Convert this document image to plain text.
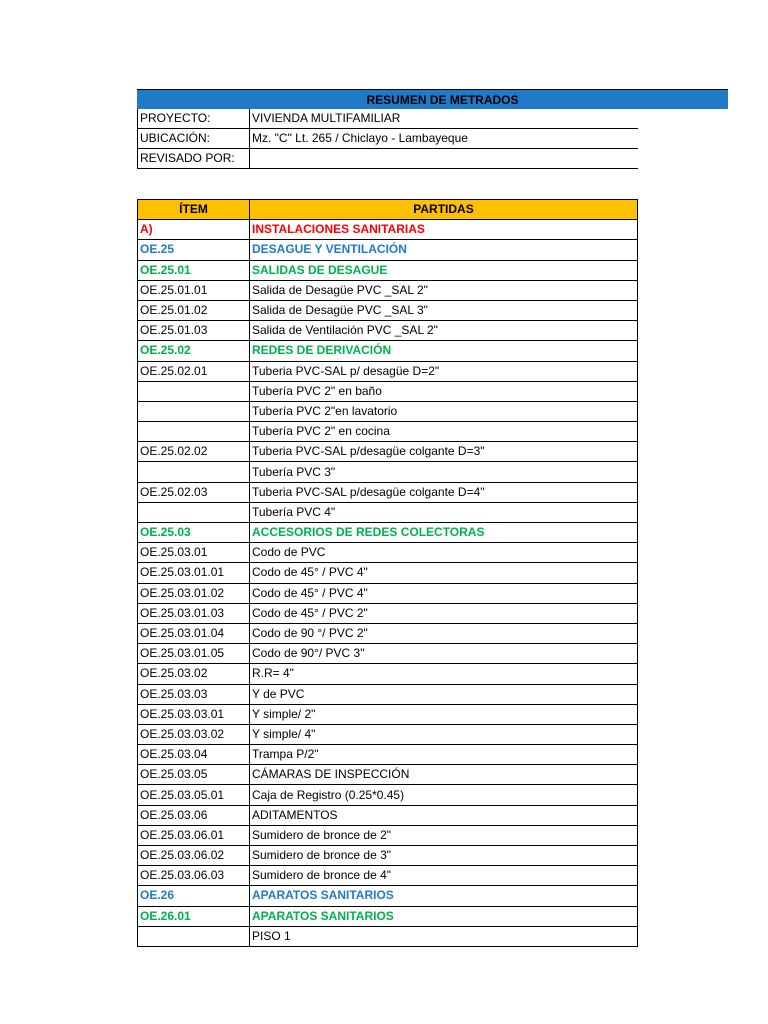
RESUMEN DE METRADOS
PROYECTO:	VIVIENDA MULTIFAMILIAR
UBICACIÓN:	Mz. "C" Lt. 265 / Chiclayo - Lambayeque
REVISADO POR:	
ÍTEM	PARTIDAS
A)	INSTALACIONES SANITARIAS
OE.25	DESAGUE Y VENTILACIÓN
OE.25.01	SALIDAS DE DESAGUE
OE.25.01.01	Salida de Desagüe PVC _SAL 2"
OE.25.01.02	Salida de Desagüe PVC _SAL 3"
OE.25.01.03	Salida de Ventilación PVC _SAL 2"
OE.25.02	REDES DE DERIVACIÓN
OE.25.02.01	Tuberia PVC-SAL p/ desagüe D=2"
	Tubería PVC 2" en baño
	Tubería PVC 2"en lavatorio
	Tubería PVC 2" en cocina
OE.25.02.02	Tuberia PVC-SAL p/desagüe colgante D=3"
	Tubería PVC 3"
OE.25.02.03	Tuberia PVC-SAL p/desagüe colgante D=4"
	Tubería PVC 4"
OE.25.03	ACCESORIOS DE REDES COLECTORAS
OE.25.03.01	Codo de PVC
OE.25.03.01.01	Codo de 45° / PVC 4"
OE.25.03.01.02	Codo de 45° / PVC 4"
OE.25.03.01.03	Codo de 45° / PVC 2"
OE.25.03.01.04	Codo de 90 °/ PVC 2"
OE.25.03.01.05	Codo de 90°/ PVC 3"
OE.25.03.02	R.R= 4"
OE.25.03.03	Y de PVC
OE.25.03.03.01	Y simple/ 2"
OE.25.03.03.02	Y simple/ 4"
OE.25.03.04	Trampa P/2"
OE.25.03.05	CÁMARAS DE INSPECCIÓN
OE.25.03.05.01	Caja de Registro (0.25*0.45)
OE.25.03.06	ADITAMENTOS
OE.25.03.06.01	Sumidero de bronce de 2"
OE.25.03.06.02	Sumidero de bronce de 3"
OE.25.03.06.03	Sumidero de bronce de 4"
OE.26	APARATOS SANITARIOS
OE.26.01	APARATOS SANITARIOS
	PISO 1
